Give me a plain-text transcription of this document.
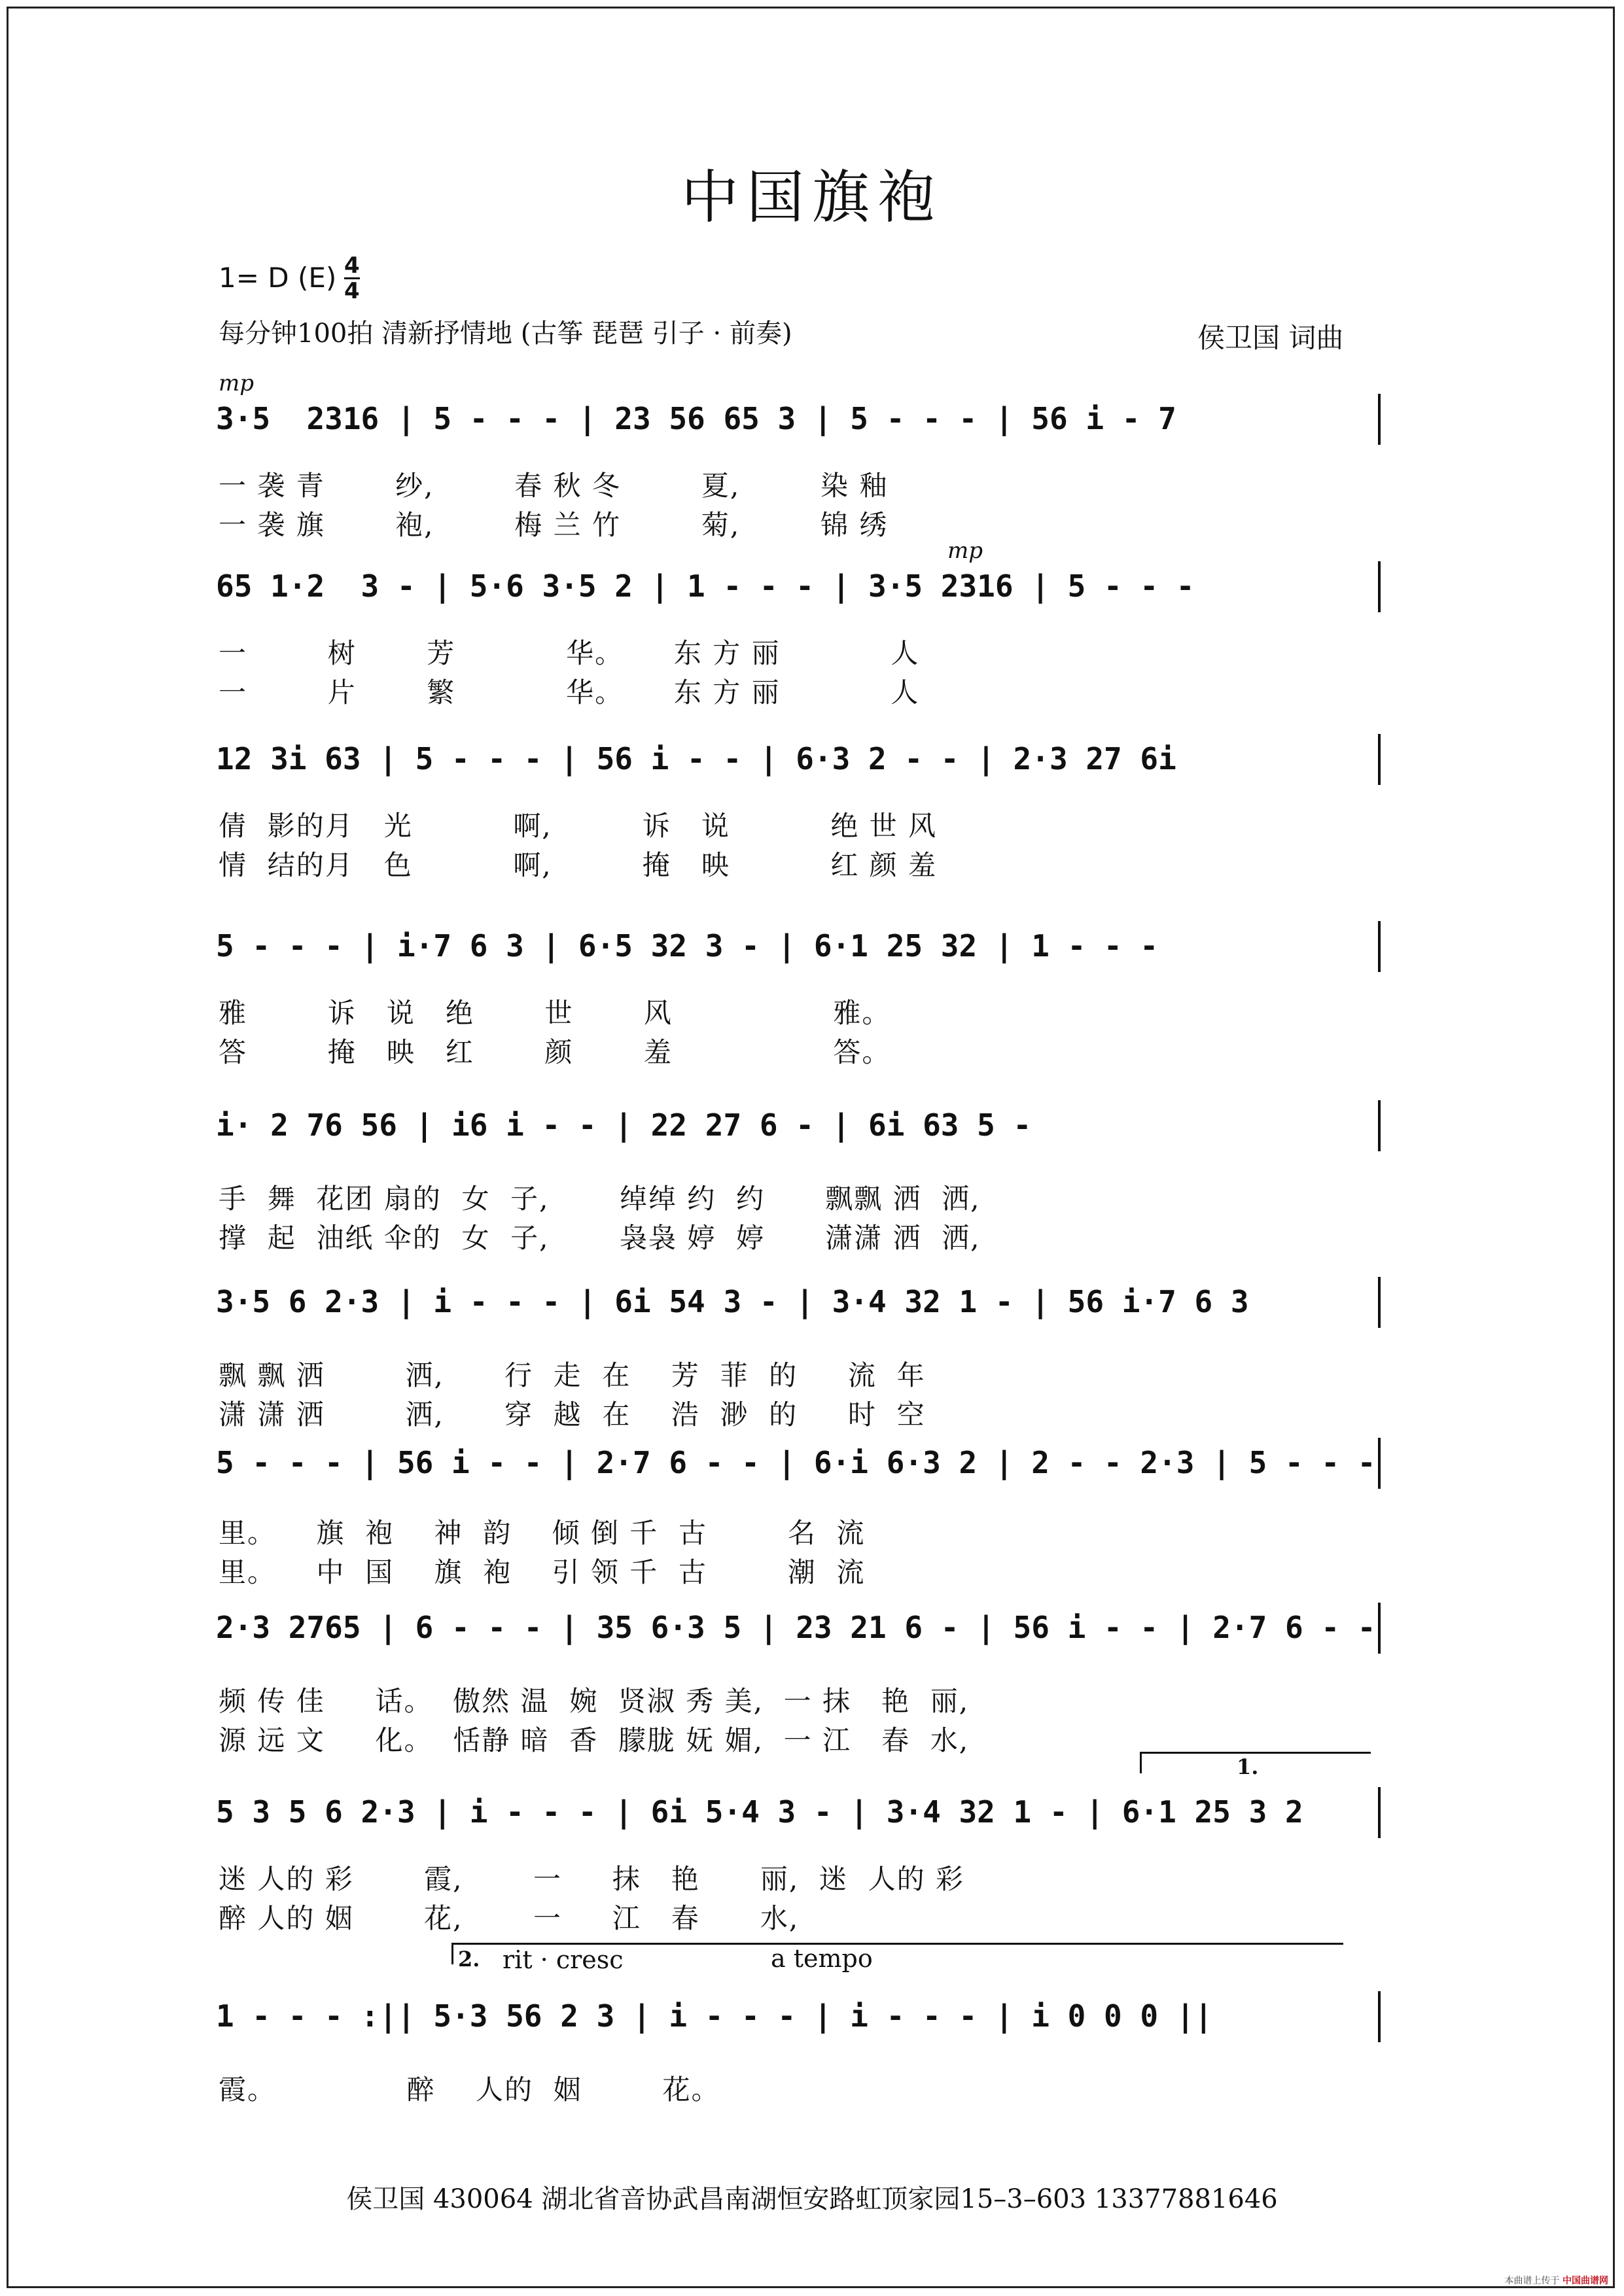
中国旗袍
1= D $(E) \frac{4}{4}$
每分钟100拍 清新抒情地 (古筝 琵琶 引子 · 前奏)	侯卫国 词曲
mp
mp
3·5  2316 | 5 - - - | 23 56 65 3 | 5 - - - | 56 i - 7
一 袭 青       纱,        春 秋 冬        夏,        染 釉
一 袭 旗       袍,        梅 兰 竹        菊,        锦 绣
65 1·2  3 - | 5·6 3·5 2 | 1 - - - | 3·5 2316 | 5 - - -
一        树       芳           华。     东 方 丽           人
一        片       繁           华。     东 方 丽           人
12 3i 63 | 5 - - - | 56 i - - | 6·3 2 - - | 2·3 27 6i
倩  影的月   光          啊,         诉   说          绝 世 风
情  结的月   色          啊,         掩   映          红 颜 羞
5 - - - | i·7 6 3 | 6·5 32 3 - | 6·1 25 32 | 1 - - -
雅        诉   说   绝       世       风                雅。
答        掩   映   红       颜       羞                答。
i· 2 76 56 | i6 i - - | 22 27 6 - | 6i 63 5 -
手  舞  花团 扇的  女  子,       绰绰 约  约      飘飘 洒  洒,
撑  起  油纸 伞的  女  子,       袅袅 婷  婷      潇潇 洒  洒,
3·5 6 2·3 | i - - - | 6i 54 3 - | 3·4 32 1 - | 56 i·7 6 3
飘 飘 洒        洒,      行  走  在    芳  菲  的     流  年
潇 潇 洒        洒,      穿  越  在    浩  渺  的     时  空
5 - - - | 56 i - - | 2·7 6 - - | 6·i 6·3 2 | 2 - - 2·3 | 5 - - -
里。    旗  袍    神  韵    倾 倒 千  古        名  流
里。    中  国    旗  袍    引 领 千  古        潮  流
2·3 2765 | 6 - - - | 35 6·3 5 | 23 21 6 - | 56 i - - | 2·7 6 - -
频 传 佳     话。  傲然 温  婉  贤淑 秀 美,  一 抹   艳  丽,
源 远 文     化。  恬静 暗  香  朦胧 妩 媚,  一 江   春  水,
5 3 5 6 2·3 | i - - - | 6i 5·4 3 - | 3·4 32 1 - | 6·1 25 3 2
迷 人的 彩       霞,       一     抹   艳      丽,  迷  人的 彩
醉 人的 姻       花,       一     江   春      水,
1 - - - :|| 5·3 56 2 3 | i - - - | i - - - | i 0 0 0 ||
霞。             醉    人的  姻        花。
1.
2. rit · cresc	a tempo
侯卫国 430064 湖北省音协武昌南湖恒安路虹顶家园15–3–603 13377881646
本曲谱上传于 中国曲谱网
